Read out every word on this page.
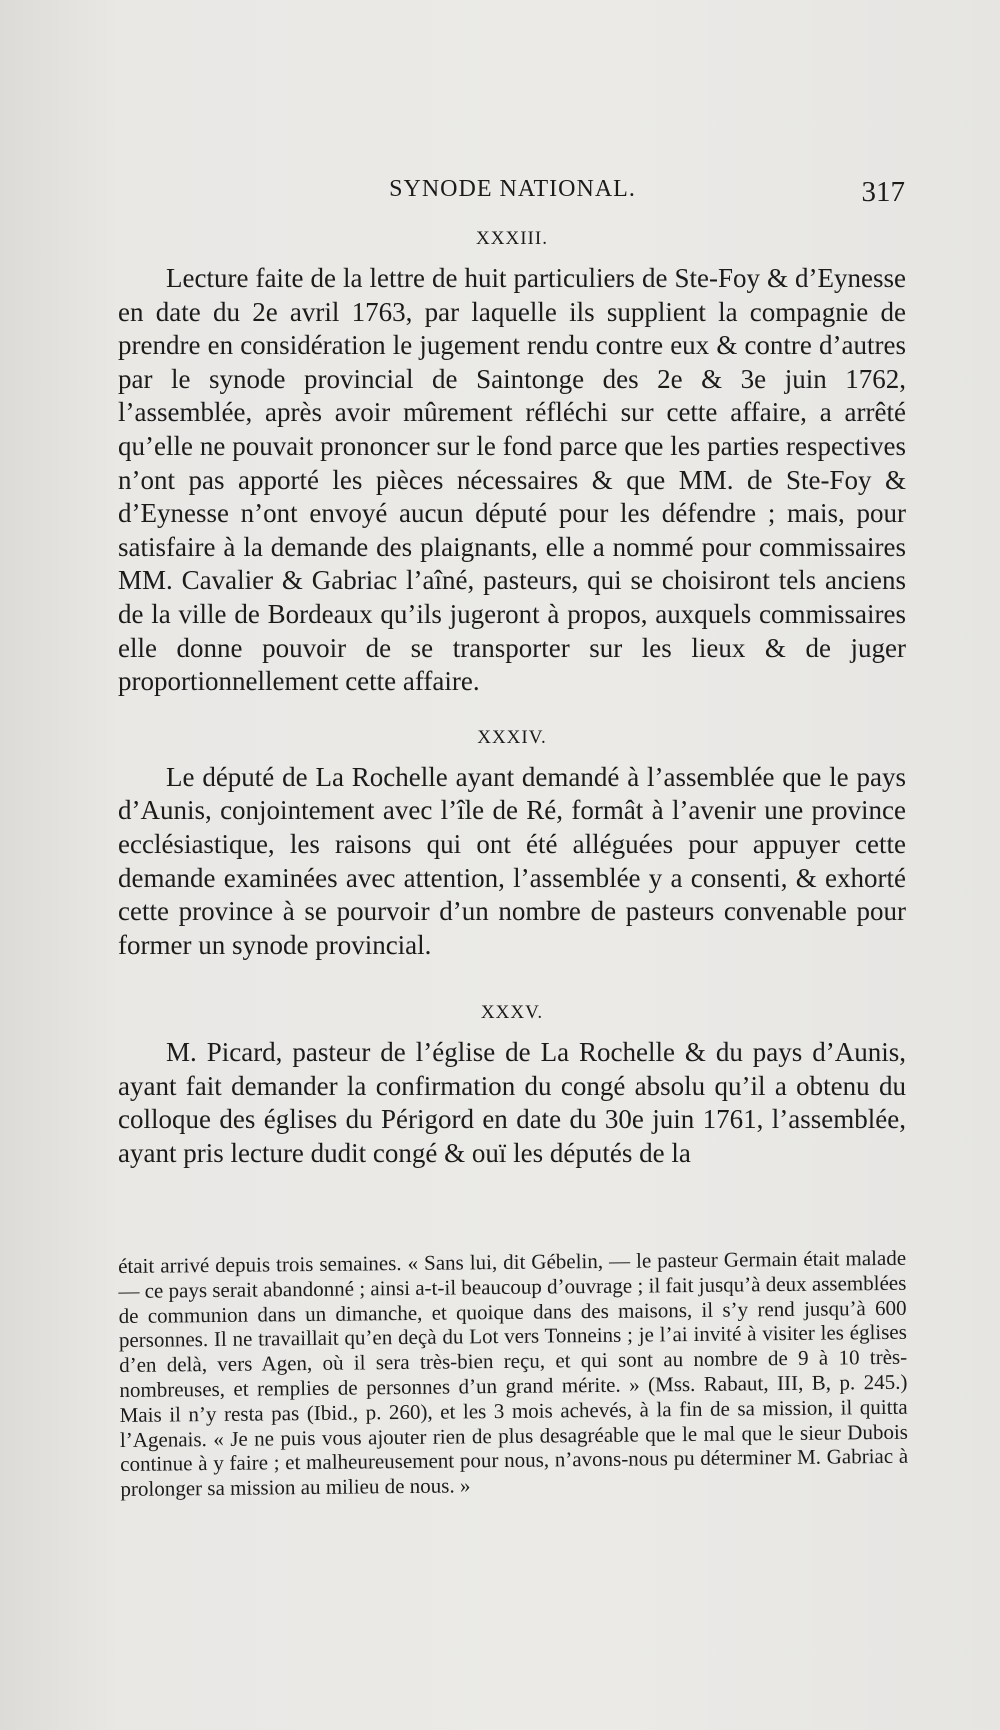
SYNODE NATIONAL.	317
XXXIII.

Lecture faite de la lettre de huit particuliers de Ste-Foy & d’Eynesse en date du 2e avril 1763, par laquelle ils supplient la compagnie de prendre en considération le jugement rendu contre eux & contre d’autres par le synode provincial de Saintonge des 2e & 3e juin 1762, l’assemblée, après avoir mûrement réfléchi sur cette affaire, a arrêté qu’elle ne pouvait prononcer sur le fond parce que les parties respectives n’ont pas apporté les pièces nécessaires & que MM. de Ste-Foy & d’Eynesse n’ont envoyé aucun député pour les défendre ; mais, pour satisfaire à la demande des plaignants, elle a nommé pour commissaires MM. Cavalier & Gabriac l’aîné, pasteurs, qui se choisiront tels anciens de la ville de Bordeaux qu’ils jugeront à propos, auxquels commissaires elle donne pouvoir de se transporter sur les lieux & de juger proportionnellement cette affaire.

XXXIV.

Le député de La Rochelle ayant demandé à l’assemblée que le pays d’Aunis, conjointement avec l’île de Ré, formât à l’avenir une province ecclésiastique, les raisons qui ont été alléguées pour appuyer cette demande examinées avec attention, l’assemblée y a consenti, & exhorté cette province à se pourvoir d’un nombre de pasteurs convenable pour former un synode provincial.

XXXV.

M. Picard, pasteur de l’église de La Rochelle & du pays d’Aunis, ayant fait demander la confirmation du congé absolu qu’il a obtenu du colloque des églises du Périgord en date du 30e juin 1761, l’assemblée, ayant pris lecture dudit congé & ouï les députés de la

était arrivé depuis trois semaines. « Sans lui, dit Gébelin, — le pasteur Germain était malade — ce pays serait abandonné ; ainsi a-t-il beaucoup d’ouvrage ; il fait jusqu’à deux assemblées de communion dans un dimanche, et quoique dans des maisons, il s’y rend jusqu’à 600 personnes. Il ne travaillait qu’en deçà du Lot vers Tonneins ; je l’ai invité à visiter les églises d’en delà, vers Agen, où il sera très-bien reçu, et qui sont au nombre de 9 à 10 très-nombreuses, et remplies de personnes d’un grand mérite. » (Mss. Rabaut, III, B, p. 245.) Mais il n’y resta pas (Ibid., p. 260), et les 3 mois achevés, à la fin de sa mission, il quitta l’Agenais. « Je ne puis vous ajouter rien de plus desagréable que le mal que le sieur Dubois continue à y faire ; et malheureusement pour nous, n’avons-nous pu déterminer M. Gabriac à prolonger sa mission au milieu de nous. »
